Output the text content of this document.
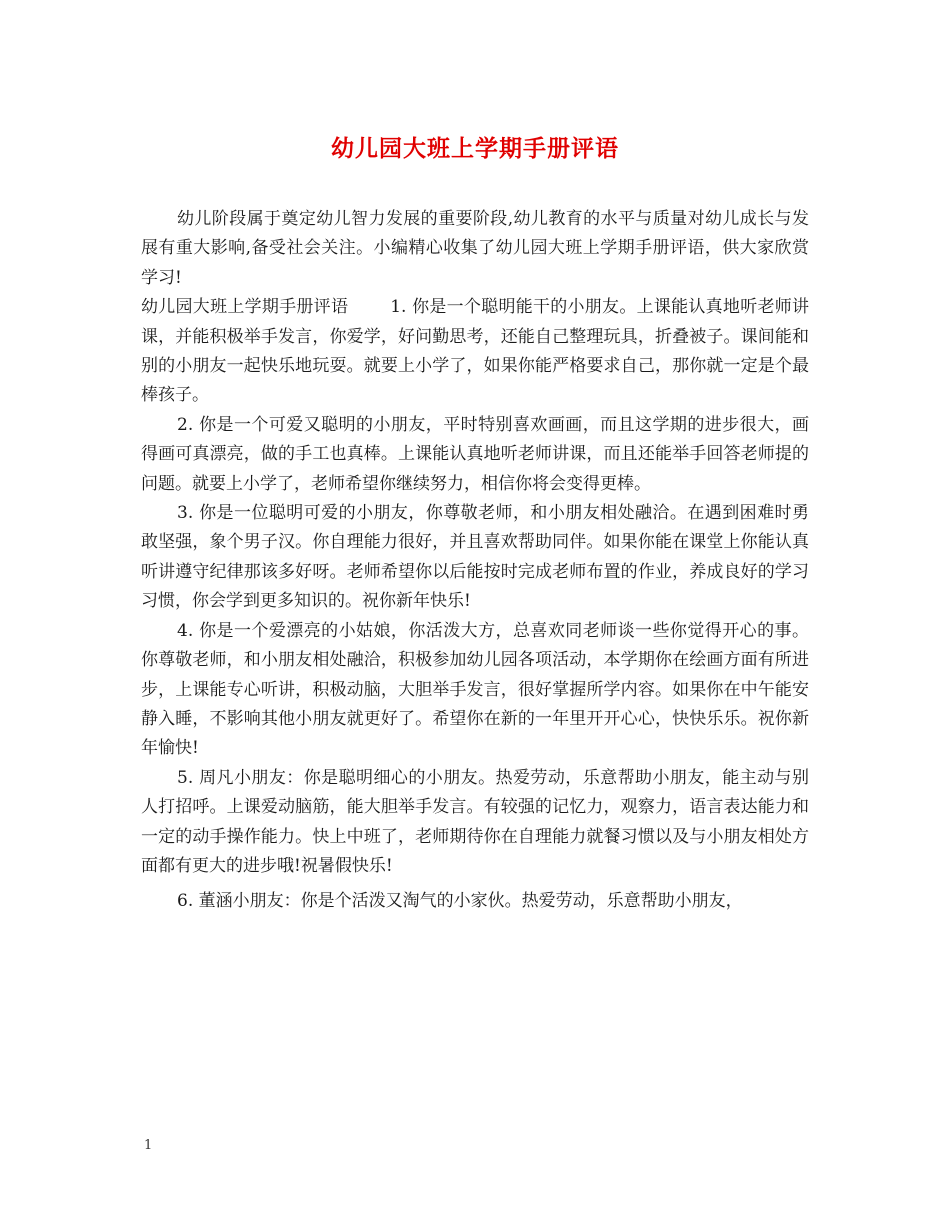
幼儿园大班上学期手册评语

幼儿阶段属于奠定幼儿智力发展的重要阶段,幼儿教育的水平与质量对幼儿成长与发展有重大影响,备受社会关注。小编精心收集了幼儿园大班上学期手册评语，供大家欣赏学习!

幼儿园大班上学期手册评语 1. 你是一个聪明能干的小朋友。上课能认真地听老师讲课，并能积极举手发言，你爱学，好问勤思考，还能自己整理玩具，折叠被子。课间能和别的小朋友一起快乐地玩耍。就要上小学了，如果你能严格要求自己，那你就一定是个最棒孩子。

2. 你是一个可爱又聪明的小朋友，平时特别喜欢画画，而且这学期的进步很大，画得画可真漂亮，做的手工也真棒。上课能认真地听老师讲课，而且还能举手回答老师提的问题。就要上小学了，老师希望你继续努力，相信你将会变得更棒。

3. 你是一位聪明可爱的小朋友，你尊敬老师，和小朋友相处融洽。在遇到困难时勇敢坚强，象个男子汉。你自理能力很好，并且喜欢帮助同伴。如果你能在课堂上你能认真听讲遵守纪律那该多好呀。老师希望你以后能按时完成老师布置的作业，养成良好的学习习惯，你会学到更多知识的。祝你新年快乐!

4. 你是一个爱漂亮的小姑娘，你活泼大方，总喜欢同老师谈一些你觉得开心的事。你尊敬老师，和小朋友相处融洽，积极参加幼儿园各项活动，本学期你在绘画方面有所进步，上课能专心听讲，积极动脑，大胆举手发言，很好掌握所学内容。如果你在中午能安静入睡，不影响其他小朋友就更好了。希望你在新的一年里开开心心，快快乐乐。祝你新年愉快!

5. 周凡小朋友：你是聪明细心的小朋友。热爱劳动，乐意帮助小朋友，能主动与别人打招呼。上课爱动脑筋，能大胆举手发言。有较强的记忆力，观察力，语言表达能力和一定的动手操作能力。快上中班了，老师期待你在自理能力就餐习惯以及与小朋友相处方面都有更大的进步哦!祝暑假快乐!

6. 董涵小朋友：你是个活泼又淘气的小家伙。热爱劳动，乐意帮助小朋友，

1
